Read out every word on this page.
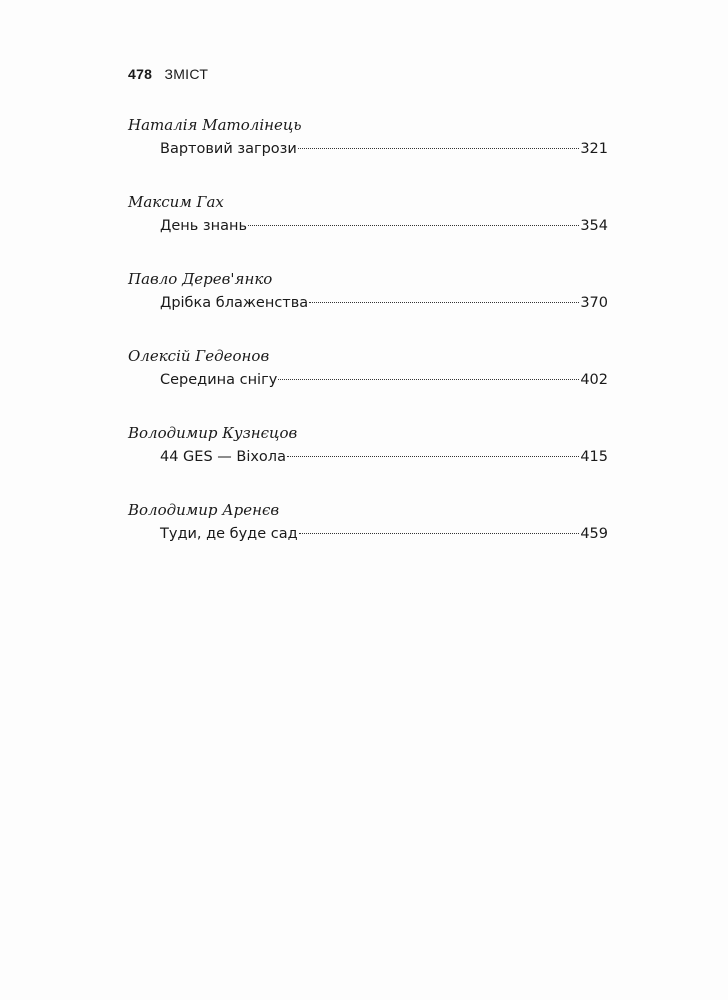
478 ЗМІСТ
Наталія Матолінець
Вартовий загрози	321
Максим Гах
День знань	354
Павло Дерев'янко
Дрібка блаженства	370
Олексій Гедеонов
Середина снігу	402
Володимир Кузнєцов
44 GES — Віхола	415
Володимир Аренєв
Туди, де буде сад	459
